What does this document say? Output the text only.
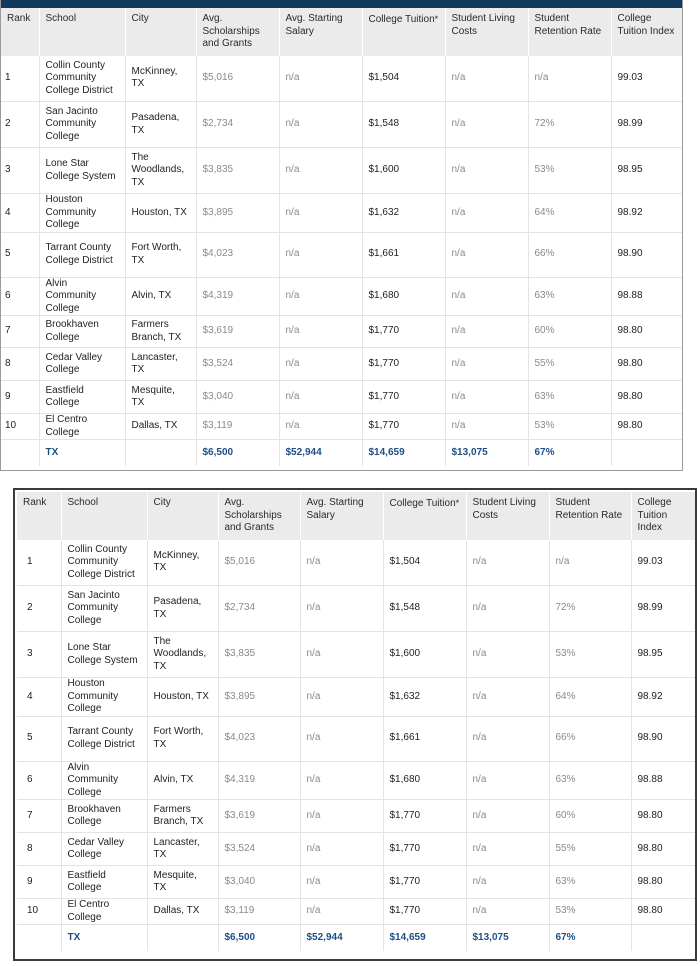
Rank	School	City	Avg. Scholarships and Grants	Avg. Starting Salary	College Tuition*	Student Living Costs	Student Retention Rate	College Tuition Index
1	Collin County Community College District	McKinney, TX	$5,016	n/a	$1,504	n/a	n/a	99.03
2	San Jacinto Community College	Pasadena, TX	$2,734	n/a	$1,548	n/a	72%	98.99
3	Lone Star College System	The Woodlands, TX	$3,835	n/a	$1,600	n/a	53%	98.95
4	Houston Community College	Houston, TX	$3,895	n/a	$1,632	n/a	64%	98.92
5	Tarrant County College District	Fort Worth, TX	$4,023	n/a	$1,661	n/a	66%	98.90
6	Alvin Community College	Alvin, TX	$4,319	n/a	$1,680	n/a	63%	98.88
7	Brookhaven College	Farmers Branch, TX	$3,619	n/a	$1,770	n/a	60%	98.80
8	Cedar Valley College	Lancaster, TX	$3,524	n/a	$1,770	n/a	55%	98.80
9	Eastfield College	Mesquite, TX	$3,040	n/a	$1,770	n/a	63%	98.80
10	El Centro College	Dallas, TX	$3,119	n/a	$1,770	n/a	53%	98.80
	TX		$6,500	$52,944	$14,659	$13,075	67%	
Rank	School	City	Avg. Scholarships and Grants	Avg. Starting Salary	College Tuition*	Student Living Costs	Student Retention Rate	College Tuition Index
1	Collin County Community College District	McKinney, TX	$5,016	n/a	$1,504	n/a	n/a	99.03
2	San Jacinto Community College	Pasadena, TX	$2,734	n/a	$1,548	n/a	72%	98.99
3	Lone Star College System	The Woodlands, TX	$3,835	n/a	$1,600	n/a	53%	98.95
4	Houston Community College	Houston, TX	$3,895	n/a	$1,632	n/a	64%	98.92
5	Tarrant County College District	Fort Worth, TX	$4,023	n/a	$1,661	n/a	66%	98.90
6	Alvin Community College	Alvin, TX	$4,319	n/a	$1,680	n/a	63%	98.88
7	Brookhaven College	Farmers Branch, TX	$3,619	n/a	$1,770	n/a	60%	98.80
8	Cedar Valley College	Lancaster, TX	$3,524	n/a	$1,770	n/a	55%	98.80
9	Eastfield College	Mesquite, TX	$3,040	n/a	$1,770	n/a	63%	98.80
10	El Centro College	Dallas, TX	$3,119	n/a	$1,770	n/a	53%	98.80
	TX		$6,500	$52,944	$14,659	$13,075	67%	
